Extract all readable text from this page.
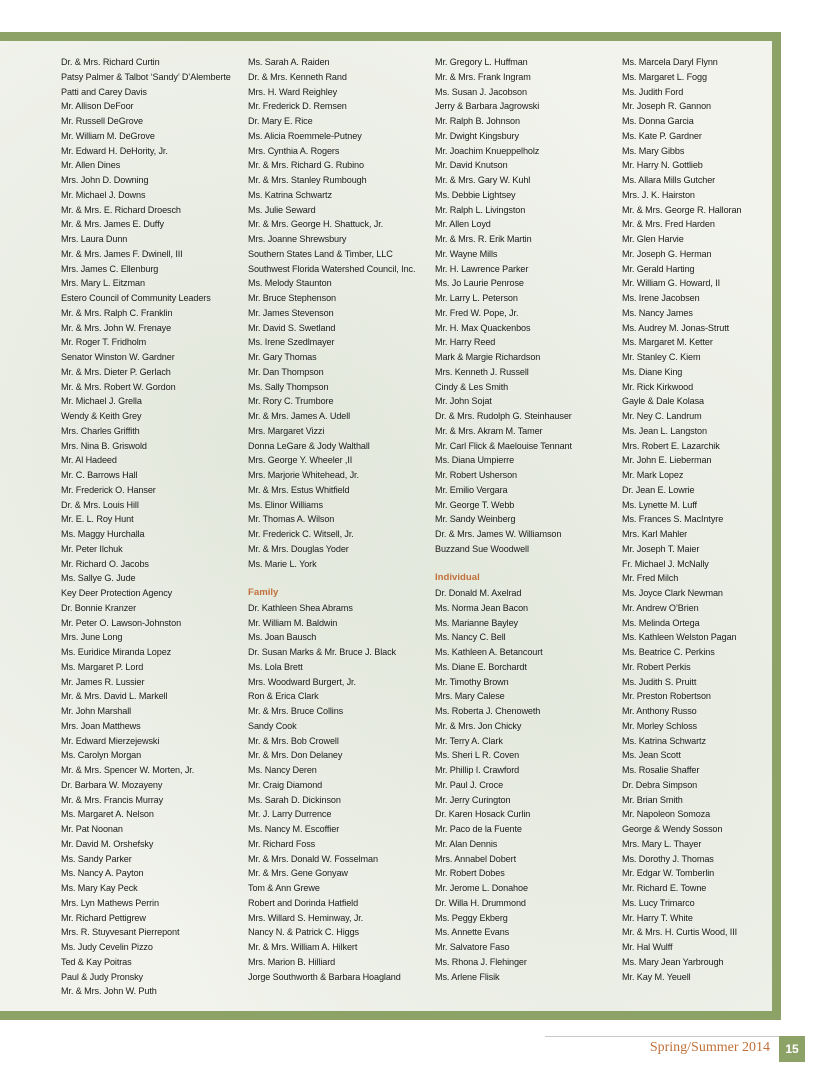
Dr. & Mrs. Richard Curtin
Patsy Palmer & Talbot ‘Sandy’ D’Alemberte
Patti and Carey Davis
Mr. Allison DeFoor
Mr. Russell DeGrove
Mr. William M. DeGrove
Mr. Edward H. DeHority, Jr.
Mr. Allen Dines
Mrs. John D. Downing
Mr. Michael J. Downs
Mr. & Mrs. E. Richard Droesch
Mr. & Mrs. James E. Duffy
Mrs. Laura Dunn
Mr. & Mrs. James F. Dwinell, III
Mrs. James C. Ellenburg
Mrs. Mary L. Eitzman
Estero Council of Community Leaders
Mr. & Mrs. Ralph C. Franklin
Mr. & Mrs. John W. Frenaye
Mr. Roger T. Fridholm
Senator Winston W. Gardner
Mr. & Mrs. Dieter P. Gerlach
Mr. & Mrs. Robert W. Gordon
Mr. Michael J. Grella
Wendy & Keith Grey
Mrs. Charles Griffith
Mrs. Nina B. Griswold
Mr. Al Hadeed
Mr. C. Barrows Hall
Mr. Frederick O. Hanser
Dr. & Mrs. Louis Hill
Mr. E. L. Roy Hunt
Ms. Maggy Hurchalla
Mr. Peter Ilchuk
Mr. Richard O. Jacobs
Ms. Sallye G. Jude
Key Deer Protection Agency
Dr. Bonnie Kranzer
Mr. Peter O. Lawson-Johnston
Mrs. June Long
Ms. Euridice Miranda Lopez
Ms. Margaret P. Lord
Mr. James R. Lussier
Mr. & Mrs. David L. Markell
Mr. John Marshall
Mrs. Joan Matthews
Mr. Edward Mierzejewski
Ms. Carolyn Morgan
Mr. & Mrs. Spencer W. Morten, Jr.
Dr. Barbara W. Mozayeny
Mr. & Mrs. Francis Murray
Ms. Margaret A. Nelson
Mr. Pat Noonan
Mr. David M. Orshefsky
Ms. Sandy Parker
Ms. Nancy A. Payton
Ms. Mary Kay Peck
Mrs. Lyn Mathews Perrin
Mr. Richard Pettigrew
Mrs. R. Stuyvesant Pierrepont
Ms. Judy Cevelin Pizzo
Ted & Kay Poitras
Paul & Judy Pronsky
Mr. & Mrs. John W. Puth
Ms. Sarah A. Raiden
Dr. & Mrs. Kenneth Rand
Mrs. H. Ward Reighley
Mr. Frederick D. Remsen
Dr. Mary E. Rice
Ms. Alicia Roemmele-Putney
Mrs. Cynthia A. Rogers
Mr. & Mrs. Richard G. Rubino
Mr. & Mrs. Stanley Rumbough
Ms. Katrina Schwartz
Ms. Julie Seward
Mr. & Mrs. George H. Shattuck, Jr.
Mrs. Joanne Shrewsbury
Southern States Land & Timber, LLC
Southwest Florida Watershed Council, Inc.
Ms. Melody Staunton
Mr. Bruce Stephenson
Mr. James Stevenson
Mr. David S. Swetland
Ms. Irene Szedlmayer
Mr. Gary Thomas
Mr. Dan Thompson
Ms. Sally Thompson
Mr. Rory C. Trumbore
Mr. & Mrs. James A. Udell
Mrs. Margaret Vizzi
Donna LeGare & Jody Walthall
Mrs. George Y. Wheeler ,II
Mrs. Marjorie Whitehead, Jr.
Mr. & Mrs. Estus Whitfield
Ms. Elinor Williams
Mr. Thomas A. Wilson
Mr. Frederick C. Witsell, Jr.
Mr. & Mrs. Douglas Yoder
Ms. Marie L. York
Family
Dr. Kathleen Shea Abrams
Mr. William M. Baldwin
Ms. Joan Bausch
Dr. Susan Marks & Mr. Bruce J. Black
Ms. Lola Brett
Mrs. Woodward Burgert, Jr.
Ron & Erica Clark
Mr. & Mrs. Bruce Collins
Sandy Cook
Mr. & Mrs. Bob Crowell
Mr. & Mrs. Don Delaney
Ms. Nancy Deren
Mr. Craig Diamond
Ms. Sarah D. Dickinson
Mr. J. Larry Durrence
Ms. Nancy M. Escoffier
Mr. Richard Foss
Mr. & Mrs. Donald W. Fosselman
Mr. & Mrs. Gene Gonyaw
Tom & Ann Grewe
Robert and Dorinda Hatfield
Mrs. Willard S. Heminway, Jr.
Nancy N. & Patrick C. Higgs
Mr. & Mrs. William A. Hilkert
Mrs. Marion B. Hilliard
Jorge Southworth & Barbara Hoagland
Mr. Gregory L. Huffman
Mr. & Mrs. Frank Ingram
Ms. Susan J. Jacobson
Jerry & Barbara Jagrowski
Mr. Ralph B. Johnson
Mr. Dwight Kingsbury
Mr. Joachim Knueppelholz
Mr. David Knutson
Mr. & Mrs. Gary W. Kuhl
Ms. Debbie Lightsey
Mr. Ralph L. Livingston
Mr. Allen Loyd
Mr. & Mrs. R. Erik Martin
Mr. Wayne Mills
Mr. H. Lawrence Parker
Ms. Jo Laurie Penrose
Mr. Larry L. Peterson
Mr. Fred W. Pope, Jr.
Mr. H. Max Quackenbos
Mr. Harry Reed
Mark & Margie Richardson
Mrs. Kenneth J. Russell
Cindy & Les Smith
Mr. John Sojat
Dr. & Mrs. Rudolph G. Steinhauser
Mr. & Mrs. Akram M. Tamer
Mr. Carl Flick & Maelouise Tennant
Ms. Diana Umpierre
Mr. Robert Usherson
Mr. Emilio Vergara
Mr. George T. Webb
Mr. Sandy Weinberg
Dr. & Mrs. James W. Williamson
Buzzand Sue Woodwell
Individual
Dr. Donald M. Axelrad
Ms. Norma Jean Bacon
Ms. Marianne Bayley
Ms. Nancy C. Bell
Ms. Kathleen A. Betancourt
Ms. Diane E. Borchardt
Mr. Timothy Brown
Mrs. Mary Calese
Ms. Roberta J. Chenoweth
Mr. & Mrs. Jon Chicky
Mr. Terry A. Clark
Ms. Sheri L R. Coven
Mr. Phillip I. Crawford
Mr. Paul J. Croce
Mr. Jerry Curington
Dr. Karen Hosack Curlin
Mr. Paco de la Fuente
Mr. Alan Dennis
Mrs. Annabel Dobert
Mr. Robert Dobes
Mr. Jerome L. Donahoe
Dr. Willa H. Drummond
Ms. Peggy Ekberg
Ms. Annette Evans
Mr. Salvatore Faso
Ms. Rhona J. Flehinger
Ms. Arlene Flisik
Ms. Marcela Daryl Flynn
Ms. Margaret L. Fogg
Ms. Judith Ford
Mr. Joseph R. Gannon
Ms. Donna Garcia
Ms. Kate P. Gardner
Ms. Mary Gibbs
Mr. Harry N. Gottlieb
Ms. Allara Mills Gutcher
Mrs. J. K. Hairston
Mr. & Mrs. George R. Halloran
Mr. & Mrs. Fred Harden
Mr. Glen Harvie
Mr. Joseph G. Herman
Mr. Gerald Harting
Mr. William G. Howard, II
Ms. Irene Jacobsen
Ms. Nancy James
Ms. Audrey M. Jonas-Strutt
Ms. Margaret M. Ketter
Mr. Stanley C. Kiem
Ms. Diane King
Mr. Rick Kirkwood
Gayle & Dale Kolasa
Mr. Ney C. Landrum
Ms. Jean L. Langston
Mrs. Robert E. Lazarchik
Mr. John E. Lieberman
Mr. Mark Lopez
Dr. Jean E. Lowrie
Ms. Lynette M. Luff
Ms. Frances S. MacIntyre
Mrs. Karl Mahler
Mr. Joseph T. Maier
Fr. Michael J. McNally
Mr. Fred Milch
Ms. Joyce Clark Newman
Mr. Andrew O’Brien
Ms. Melinda Ortega
Ms. Kathleen Welston Pagan
Ms. Beatrice C. Perkins
Mr. Robert Perkis
Ms. Judith S. Pruitt
Mr. Preston Robertson
Mr. Anthony Russo
Mr. Morley Schloss
Ms. Katrina Schwartz
Ms. Jean Scott
Ms. Rosalie Shaffer
Dr. Debra Simpson
Mr. Brian Smith
Mr. Napoleon Somoza
George & Wendy Sosson
Mrs. Mary L. Thayer
Ms. Dorothy J. Thomas
Mr. Edgar W. Tomberlin
Mr. Richard E. Towne
Ms. Lucy Trimarco
Mr. Harry T. White
Mr. & Mrs. H. Curtis Wood, III
Mr. Hal Wulff
Ms. Mary Jean Yarbrough
Mr. Kay M. Yeuell
Spring/Summer 2014	15
